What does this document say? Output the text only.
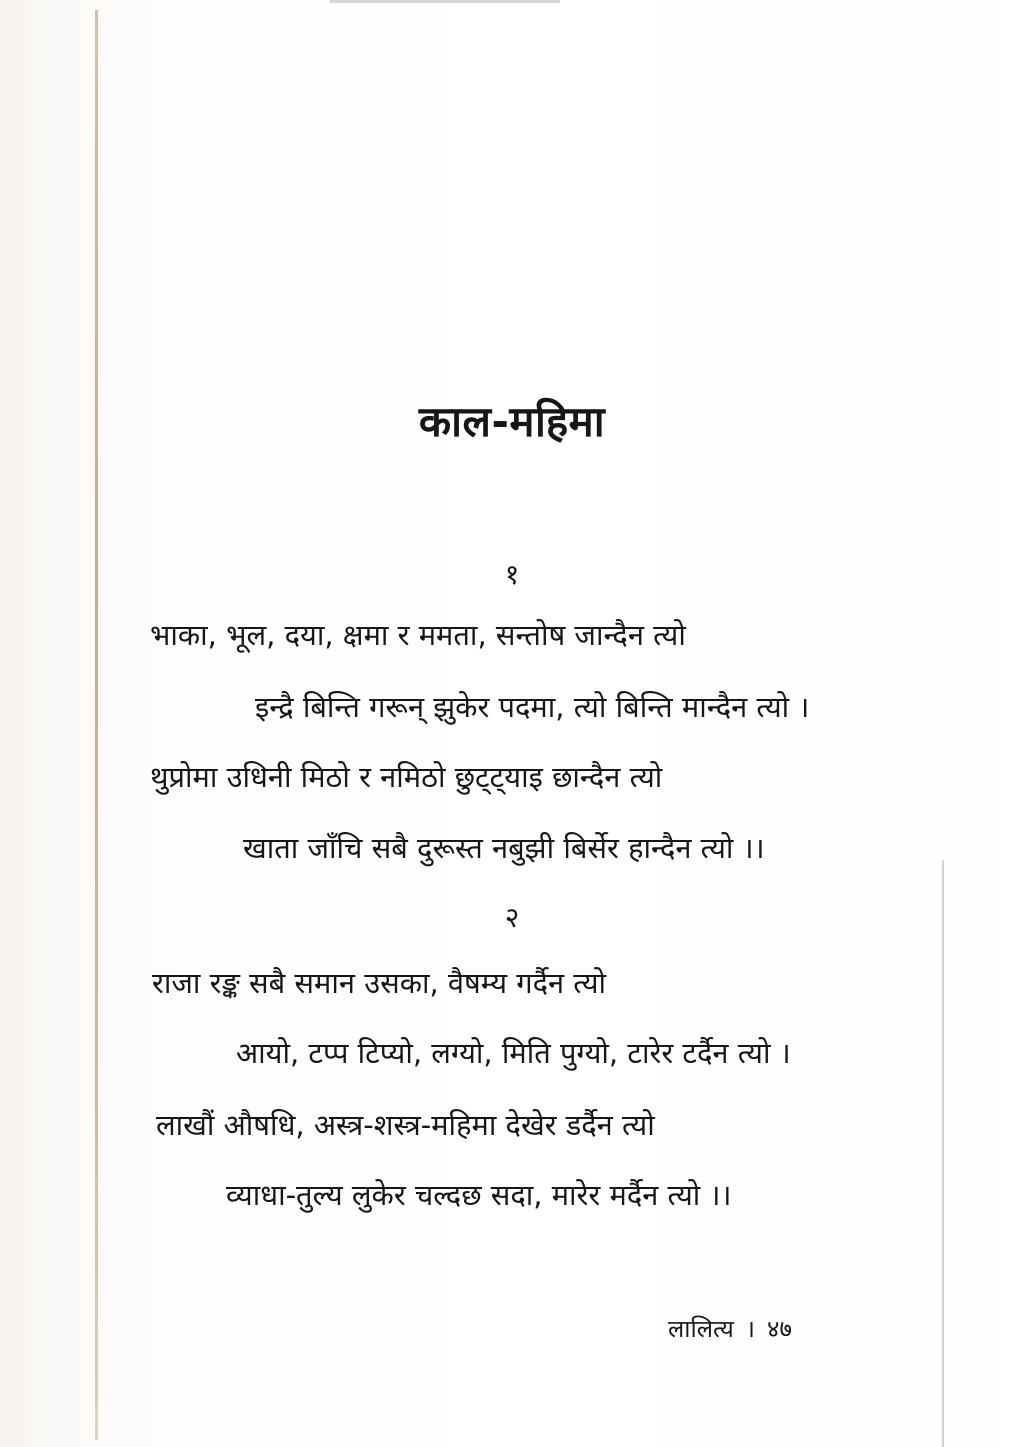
काल-महिमा
१
भाका, भूल, दया, क्षमा र ममता, सन्तोष जान्दैन त्यो
इन्द्रै बिन्ति गरून् झुकेर पदमा, त्यो बिन्ति मान्दैन त्यो ।
थुप्रोमा उधिनी मिठो र नमिठो छुट्ट्याइ छान्दैन त्यो
खाता जाँचि सबै दुरूस्त नबुझी बिर्सेर हान्दैन त्यो ।।
२
राजा रङ्क सबै समान उसका, वैषम्य गर्दैन त्यो
आयो, टप्प टिप्यो, लग्यो, मिति पुग्यो, टारेर टर्दैन त्यो ।
लाखौं औषधि, अस्त्र-शस्त्र-महिमा देखेर डर्दैन त्यो
व्याधा-तुल्य लुकेर चल्दछ सदा, मारेर मर्दैन त्यो ।।
लालित्य । ४७
